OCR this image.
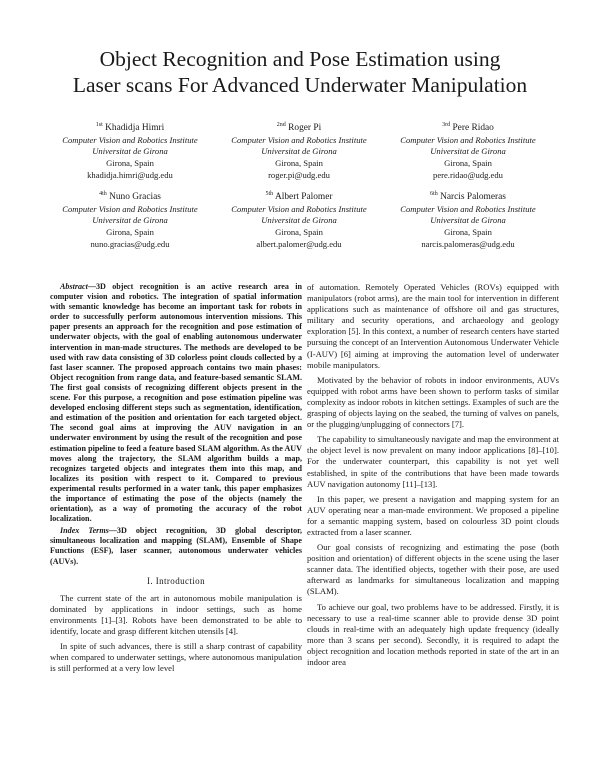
Object Recognition and Pose Estimation using
Laser scans For Advanced Underwater Manipulation
$^{1st}$ Khadidja Himri
Computer Vision and Robotics Institute
Universitat de Girona
Girona, Spain
khadidja.himri@udg.edu
$^{2nd}$ Roger Pi
Computer Vision and Robotics Institute
Universitat de Girona
Girona, Spain
roger.pi@udg.edu
$^{3rd}$ Pere Ridao
Computer Vision and Robotics Institute
Universitat de Girona
Girona, Spain
pere.ridao@udg.edu
$^{4th}$ Nuno Gracias
Computer Vision and Robotics Institute
Universitat de Girona
Girona, Spain
nuno.gracias@udg.edu
$^{5th}$ Albert Palomer
Computer Vision and Robotics Institute
Universitat de Girona
Girona, Spain
albert.palomer@udg.edu
$^{6th}$ Narcis Palomeras
Computer Vision and Robotics Institute
Universitat de Girona
Girona, Spain
narcis.palomeras@udg.edu

Abstract—3D object recognition is an active research area in computer vision and robotics. The integration of spatial information with semantic knowledge has become an important task for robots in order to successfully perform autonomous intervention missions. This paper presents an approach for the recognition and pose estimation of underwater objects, with the goal of enabling autonomous underwater intervention in man-made structures. The methods are developed to be used with raw data consisting of 3D colorless point clouds collected by a fast laser scanner. The proposed approach contains two main phases: Object recognition from range data, and feature-based semantic SLAM. The first goal consists of recognizing different objects present in the scene. For this purpose, a recognition and pose estimation pipeline was developed enclosing different steps such as segmentation, identification, and estimation of the position and orientation for each targeted object. The second goal aims at improving the AUV navigation in an underwater environment by using the result of the recognition and pose estimation pipeline to feed a feature based SLAM algorithm. As the AUV moves along the trajectory, the SLAM algorithm builds a map, recognizes targeted objects and integrates them into this map, and localizes its position with respect to it. Compared to previous experimental results performed in a water tank, this paper emphasizes the importance of estimating the pose of the objects (namely the orientation), as a way of promoting the accuracy of the robot localization.

Index Terms—3D object recognition, 3D global descriptor, simultaneous localization and mapping (SLAM), Ensemble of Shape Functions (ESF), laser scanner, autonomous underwater vehicles (AUVs).

I. Introduction

The current state of the art in autonomous mobile manipulation is dominated by applications in indoor settings, such as home environments [1]–[3]. Robots have been demonstrated to be able to identify, locate and grasp different kitchen utensils [4].

In spite of such advances, there is still a sharp contrast of capability when compared to underwater settings, where autonomous manipulation is still performed at a very low level

of automation. Remotely Operated Vehicles (ROVs) equipped with manipulators (robot arms), are the main tool for intervention in different applications such as maintenance of offshore oil and gas structures, military and security operations, and archaeology and geology exploration [5]. In this context, a number of research centers have started pursuing the concept of an Intervention Autonomous Underwater Vehicle (I-AUV) [6] aiming at improving the automation level of underwater mobile manipulators.

Motivated by the behavior of robots in indoor environments, AUVs equipped with robot arms have been shown to perform tasks of similar complexity as indoor robots in kitchen settings. Examples of such are the grasping of objects laying on the seabed, the turning of valves on panels, or the plugging/unplugging of connectors [7].

The capability to simultaneously navigate and map the environment at the object level is now prevalent on many indoor applications [8]–[10]. For the underwater counterpart, this capability is not yet well established, in spite of the contributions that have been made towards AUV navigation autonomy [11]–[13].

In this paper, we present a navigation and mapping system for an AUV operating near a man-made environment. We proposed a pipeline for a semantic mapping system, based on colourless 3D point clouds extracted from a laser scanner.

Our goal consists of recognizing and estimating the pose (both position and orientation) of different objects in the scene using the laser scanner data. The identified objects, together with their pose, are used afterward as landmarks for simultaneous localization and mapping (SLAM).

To achieve our goal, two problems have to be addressed. Firstly, it is necessary to use a real-time scanner able to provide dense 3D point clouds in real-time with an adequately high update frequency (ideally more than 3 scans per second). Secondly, it is required to adapt the object recognition and location methods reported in state of the art in an indoor area
